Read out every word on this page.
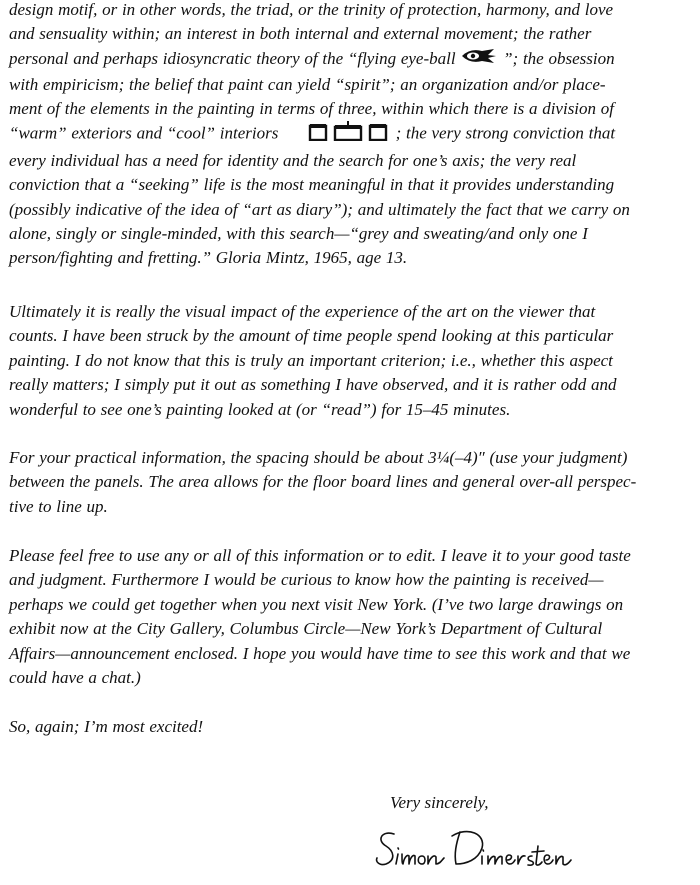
design motif, or in other words, the triad, or the trinity of protection, harmony, and love
and sensuality within; an interest in both internal and external movement; the rather
personal and perhaps idiosyncratic theory of the “flying eye-ball	”; the obsession
with empiricism; the belief that paint can yield “spirit”; an organization and/or place-
ment of the elements in the painting in terms of three, within which there is a division of
“warm” exteriors and “cool” interiors	; the very strong conviction that
every individual has a need for identity and the search for one’s axis; the very real
conviction that a “seeking” life is the most meaningful in that it provides understanding
(possibly indicative of the idea of “art as diary”); and ultimately the fact that we carry on
alone, singly or single-minded, with this search—“grey and sweating/and only one I
person/fighting and fretting.” Gloria Mintz, 1965, age 13.

Ultimately it is really the visual impact of the experience of the art on the viewer that
counts. I have been struck by the amount of time people spend looking at this particular
painting. I do not know that this is truly an important criterion; i.e., whether this aspect
really matters; I simply put it out as something I have observed, and it is rather odd and
wonderful to see one’s painting looked at (or “read”) for 15–45 minutes.

For your practical information, the spacing should be about 3¼(–4)″ (use your judgment)
between the panels. The area allows for the floor board lines and general over-all perspec-
tive to line up.

Please feel free to use any or all of this information or to edit. I leave it to your good taste
and judgment. Furthermore I would be curious to know how the painting is received—
perhaps we could get together when you next visit New York. (I’ve two large drawings on
exhibit now at the City Gallery, Columbus Circle—New York’s Department of Cultural
Affairs—announcement enclosed. I hope you would have time to see this work and that we
could have a chat.)

So, again; I’m most excited!

Very sincerely,
